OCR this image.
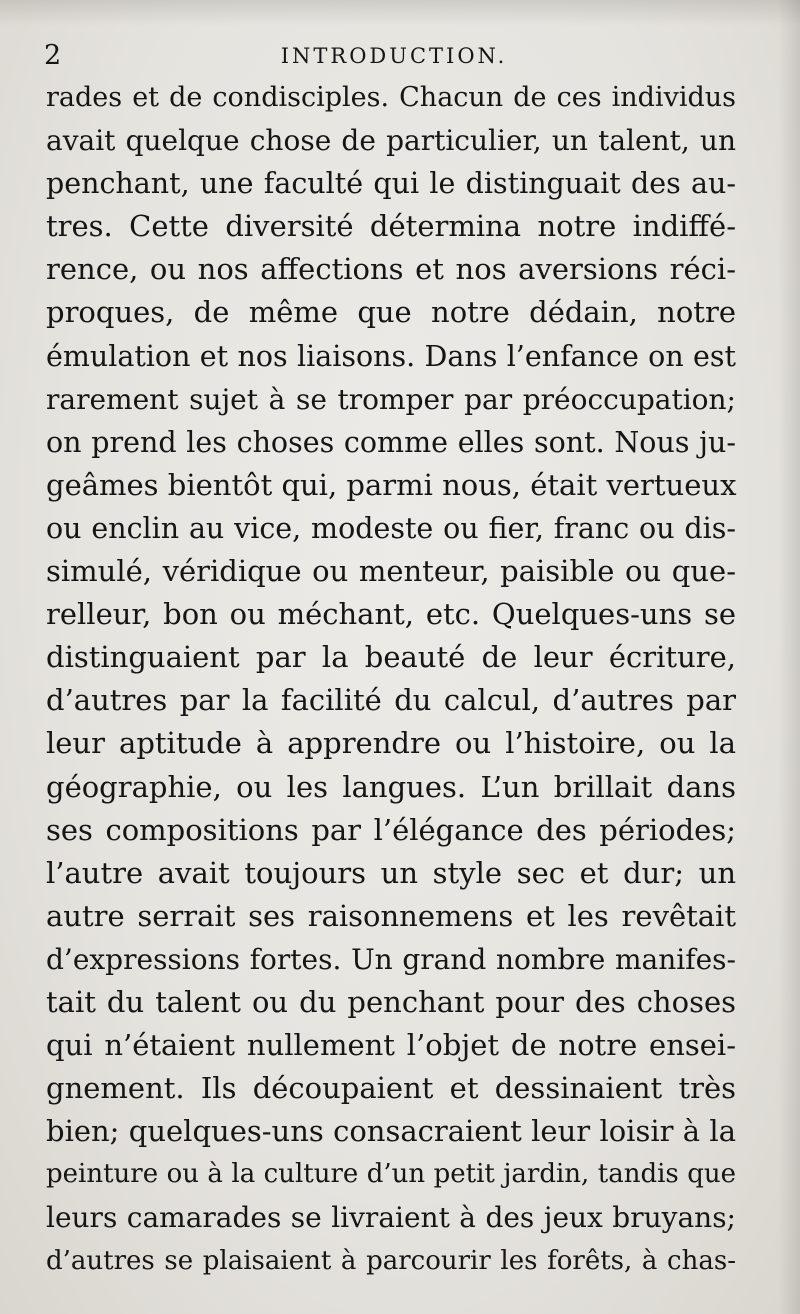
2	INTRODUCTION.
rades et de condisciples. Chacun de ces individus
avait quelque chose de particulier, un talent, un
penchant, une faculté qui le distinguait des au-
tres. Cette diversité détermina notre indiffé-
rence, ou nos affections et nos aversions réci-
proques, de même que notre dédain, notre
émulation et nos liaisons. Dans l’enfance on est
rarement sujet à se tromper par préoccupation;
on prend les choses comme elles sont. Nous ju-
geâmes bientôt qui, parmi nous, était vertueux
ou enclin au vice, modeste ou fier, franc ou dis-
simulé, véridique ou menteur, paisible ou que-
relleur, bon ou méchant, etc. Quelques-uns se
distinguaient par la beauté de leur écriture,
d’autres par la facilité du calcul, d’autres par
leur aptitude à apprendre ou l’histoire, ou la
géographie, ou les langues. L’un brillait dans
ses compositions par l’élégance des périodes;
l’autre avait toujours un style sec et dur; un
autre serrait ses raisonnemens et les revêtait
d’expressions fortes. Un grand nombre manifes-
tait du talent ou du penchant pour des choses
qui n’étaient nullement l’objet de notre ensei-
gnement. Ils découpaient et dessinaient très
bien; quelques-uns consacraient leur loisir à la
peinture ou à la culture d’un petit jardin, tandis que
leurs camarades se livraient à des jeux bruyans;
d’autres se plaisaient à parcourir les forêts, à chas-
